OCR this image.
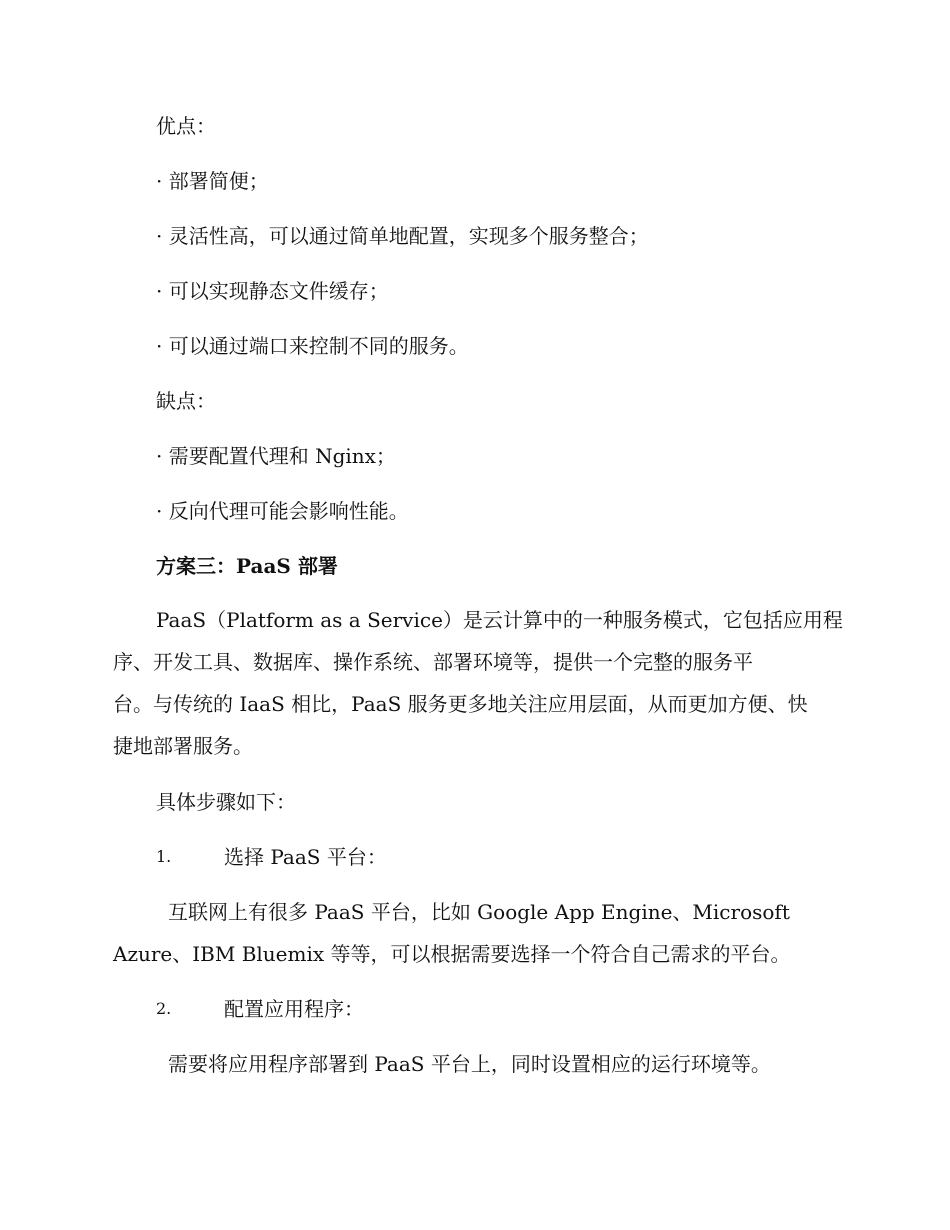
优点：
· 部署简便；
· 灵活性高，可以通过简单地配置，实现多个服务整合；
· 可以实现静态文件缓存；
· 可以通过端口来控制不同的服务。
缺点：
· 需要配置代理和 Nginx；
· 反向代理可能会影响性能。
方案三：PaaS 部署
PaaS（Platform as a Service）是云计算中的一种服务模式，它包括应用程
序、开发工具、数据库、操作系统、部署环境等，提供一个完整的服务平
台。与传统的 IaaS 相比，PaaS 服务更多地关注应用层面，从而更加方便、快
捷地部署服务。
具体步骤如下：
1.	选择 PaaS 平台：
互联网上有很多 PaaS 平台，比如 Google App Engine、Microsoft
Azure、IBM Bluemix 等等，可以根据需要选择一个符合自己需求的平台。
2.	配置应用程序：
需要将应用程序部署到 PaaS 平台上，同时设置相应的运行环境等。
